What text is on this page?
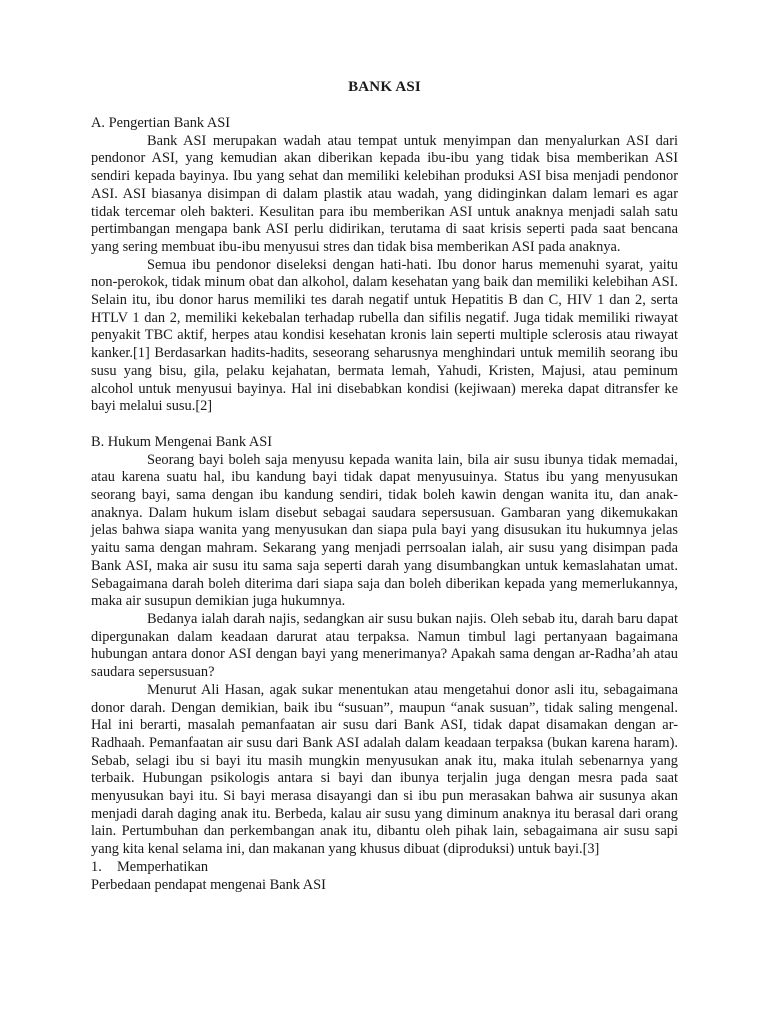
BANK ASI
A. Pengertian Bank ASI

Bank ASI merupakan wadah atau tempat untuk menyimpan dan menyalurkan ASI dari pendonor ASI, yang kemudian akan diberikan kepada ibu-ibu yang tidak bisa memberikan ASI sendiri kepada bayinya. Ibu yang sehat dan memiliki kelebihan produksi ASI bisa menjadi pendonor ASI. ASI biasanya disimpan di dalam plastik atau wadah, yang didinginkan dalam lemari es agar tidak tercemar oleh bakteri. Kesulitan para ibu memberikan ASI untuk anaknya menjadi salah satu pertimbangan mengapa bank ASI perlu didirikan, terutama di saat krisis seperti pada saat bencana yang sering membuat ibu-ibu menyusui stres dan tidak bisa memberikan ASI pada anaknya.

Semua ibu pendonor diseleksi dengan hati-hati. Ibu donor harus memenuhi syarat, yaitu non-perokok, tidak minum obat dan alkohol, dalam kesehatan yang baik dan memiliki kelebihan ASI. Selain itu, ibu donor harus memiliki tes darah negatif untuk Hepatitis B dan C, HIV 1 dan 2, serta HTLV 1 dan 2, memiliki kekebalan terhadap rubella dan sifilis negatif. Juga tidak memiliki riwayat penyakit TBC aktif, herpes atau kondisi kesehatan kronis lain seperti multiple sclerosis atau riwayat kanker.[1] Berdasarkan hadits-hadits, seseorang seharusnya menghindari untuk memilih seorang ibu susu yang bisu, gila, pelaku kejahatan, bermata lemah, Yahudi, Kristen, Majusi, atau peminum alcohol untuk menyusui bayinya. Hal ini disebabkan kondisi (kejiwaan) mereka dapat ditransfer ke bayi melalui susu.[2]

B. Hukum Mengenai Bank ASI

Seorang bayi boleh saja menyusu kepada wanita lain, bila air susu ibunya tidak memadai, atau karena suatu hal, ibu kandung bayi tidak dapat menyusuinya. Status ibu yang menyusukan seorang bayi, sama dengan ibu kandung sendiri, tidak boleh kawin dengan wanita itu, dan anak-anaknya. Dalam hukum islam disebut sebagai saudara sepersusuan. Gambaran yang dikemukakan jelas bahwa siapa wanita yang menyusukan dan siapa pula bayi yang disusukan itu hukumnya jelas yaitu sama dengan mahram. Sekarang yang menjadi perrsoalan ialah, air susu yang disimpan pada Bank ASI, maka air susu itu sama saja seperti darah yang disumbangkan untuk kemaslahatan umat. Sebagaimana darah boleh diterima dari siapa saja dan boleh diberikan kepada yang memerlukannya, maka air susupun demikian juga hukumnya.

Bedanya ialah darah najis, sedangkan air susu bukan najis. Oleh sebab itu, darah baru dapat dipergunakan dalam keadaan darurat atau terpaksa. Namun timbul lagi pertanyaan bagaimana hubungan antara donor ASI dengan bayi yang menerimanya? Apakah sama dengan ar-Radha’ah atau saudara sepersusuan?

Menurut Ali Hasan, agak sukar menentukan atau mengetahui donor asli itu, sebagaimana donor darah. Dengan demikian, baik ibu “susuan”, maupun “anak susuan”, tidak saling mengenal. Hal ini berarti, masalah pemanfaatan air susu dari Bank ASI, tidak dapat disamakan dengan ar-Radhaah. Pemanfaatan air susu dari Bank ASI adalah dalam keadaan terpaksa (bukan karena haram). Sebab, selagi ibu si bayi itu masih mungkin menyusukan anak itu, maka itulah sebenarnya yang terbaik. Hubungan psikologis antara si bayi dan ibunya terjalin juga dengan mesra pada saat menyusukan bayi itu. Si bayi merasa disayangi dan si ibu pun merasakan bahwa air susunya akan menjadi darah daging anak itu. Berbeda, kalau air susu yang diminum anaknya itu berasal dari orang lain. Pertumbuhan dan perkembangan anak itu, dibantu oleh pihak lain, sebagaimana air susu sapi yang kita kenal selama ini, dan makanan yang khusus dibuat (diproduksi) untuk bayi.[3]

1. Memperhatikan
Perbedaan pendapat mengenai Bank ASI
